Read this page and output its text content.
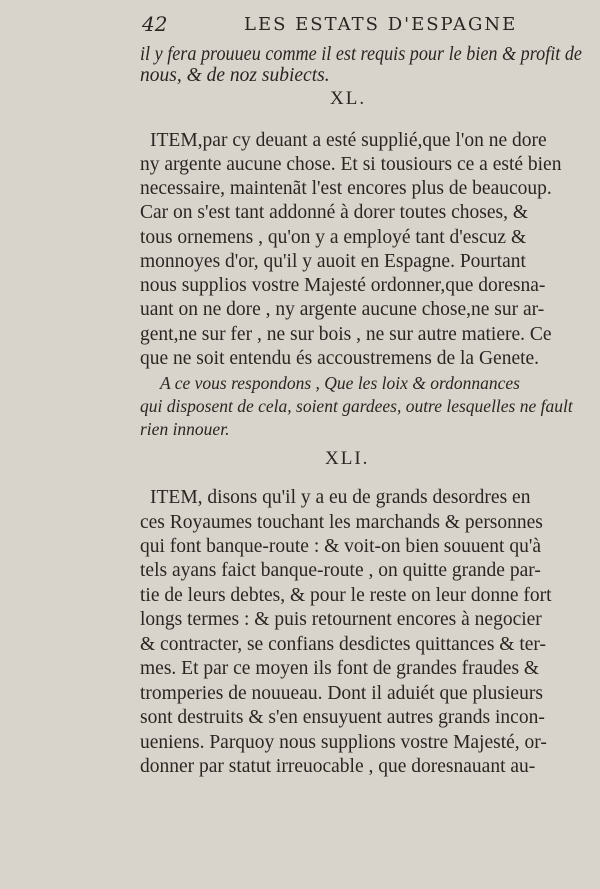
42	LES ESTATS D'ESPAGNE
il y fera prouueu comme il est requis pour le bien & profit de
nous, & de noz subiects.
XL.
ITEM,par cy deuant a esté supplié,que l'on ne dore
ny argente aucune chose. Et si tousiours ce a esté bien
necessaire, maintenãt l'est encores plus de beaucoup.
Car on s'est tant addonné à dorer toutes choses, &
tous ornemens , qu'on y a employé tant d'escuz &
monnoyes d'or, qu'il y auoit en Espagne. Pourtant
nous supplios vostre Majesté ordonner,que doresna-
uant on ne dore , ny argente aucune chose,ne sur ar-
gent,ne sur fer , ne sur bois , ne sur autre matiere. Ce
que ne soit entendu és accoustremens de la Genete.
A ce vous respondons , Que les loix & ordonnances
qui disposent de cela, soient gardees, outre lesquelles ne fault
rien innouer.
XLI.
ITEM, disons qu'il y a eu de grands desordres en
ces Royaumes touchant les marchands & personnes
qui font banque-route : & voit-on bien souuent qu'à
tels ayans faict banque-route , on quitte grande par-
tie de leurs debtes, & pour le reste on leur donne fort
longs termes : & puis retournent encores à negocier
& contracter, se confians desdictes quittances & ter-
mes. Et par ce moyen ils font de grandes fraudes &
tromperies de nouueau. Dont il aduiét que plusieurs
sont destruits & s'en ensuyuent autres grands incon-
ueniens. Parquoy nous supplions vostre Majesté, or-
donner par statut irreuocable , que doresnauant au-
